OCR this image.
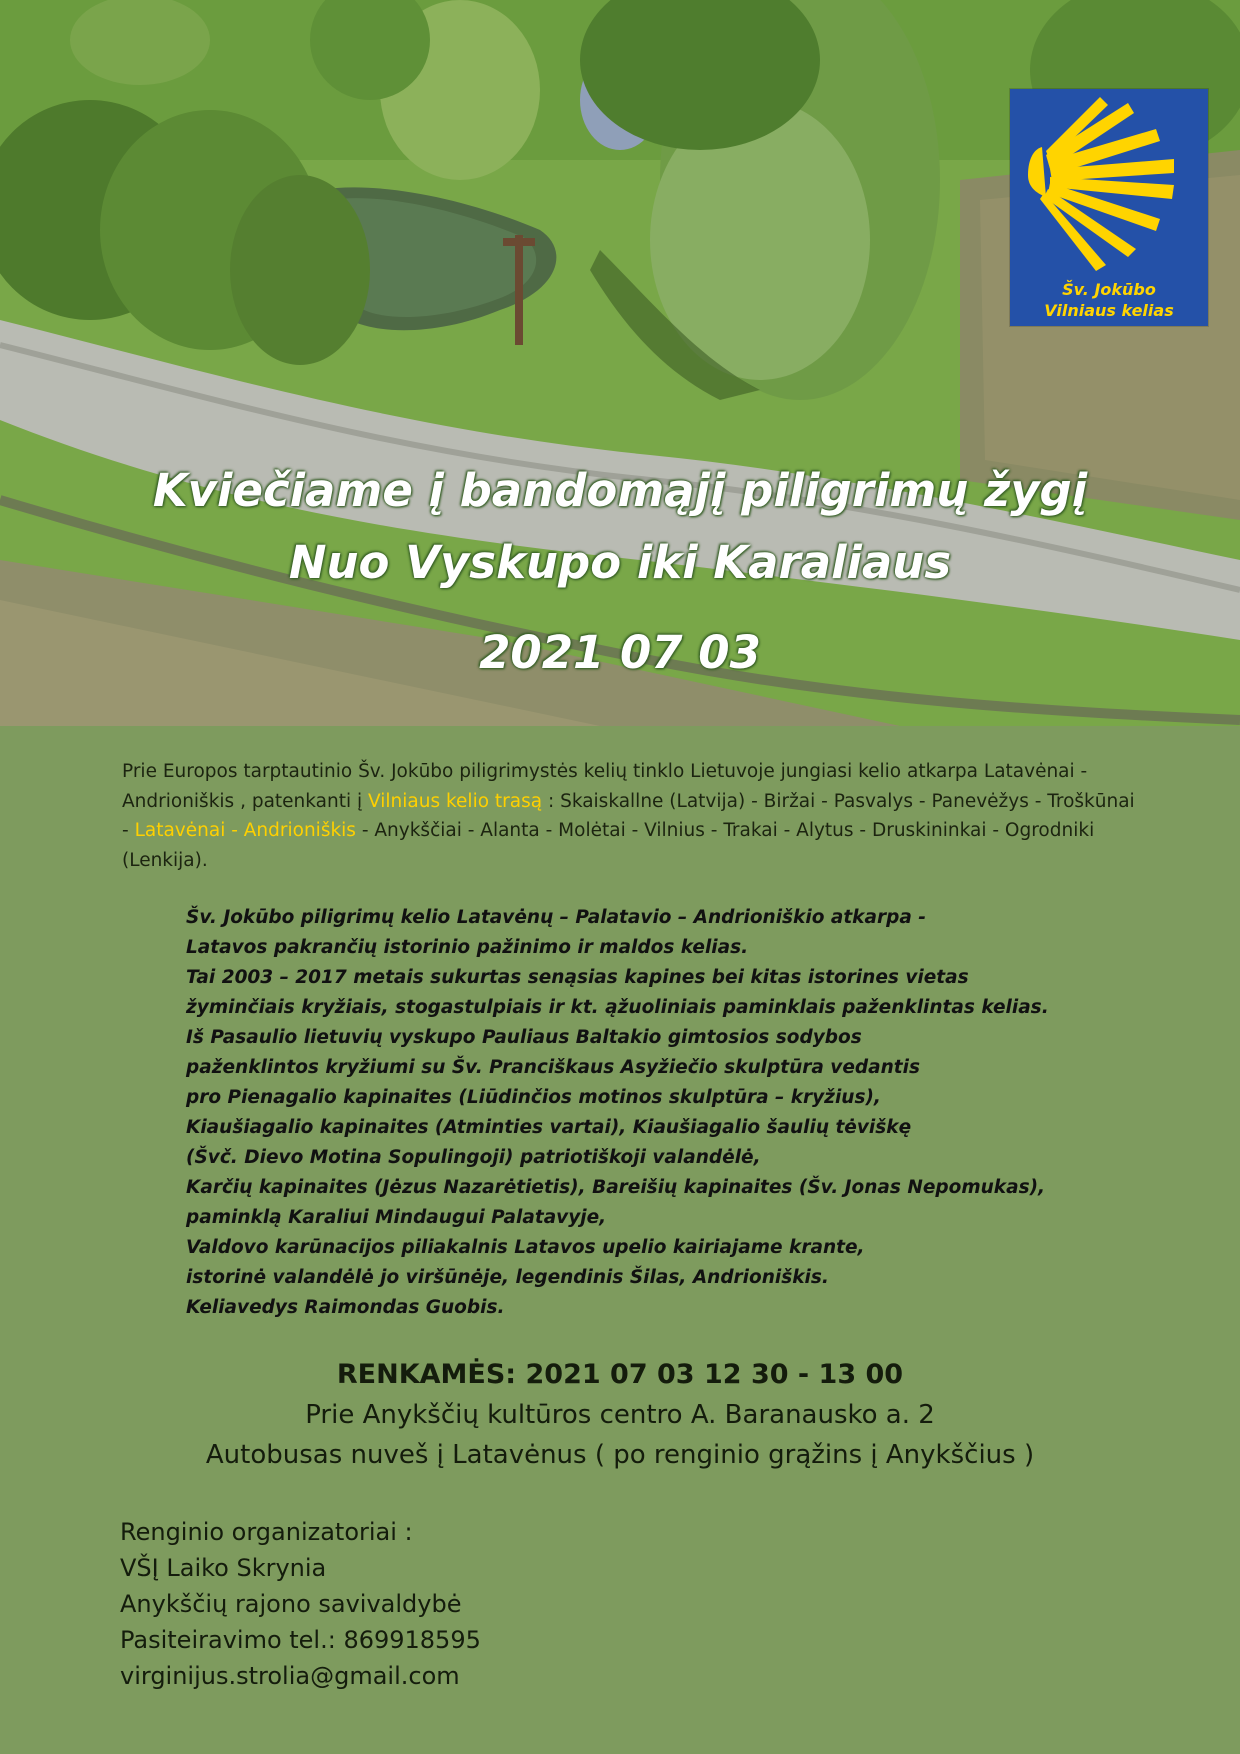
Šv. Jokūbo
Vilniaus kelias
Kviečiame į bandomąjį piligrimų žygį
Nuo Vyskupo iki Karaliaus
2021 07 03
Prie Europos tarptautinio Šv. Jokūbo piligrimystės kelių tinklo Lietuvoje jungiasi kelio atkarpa Latavėnai - Andrioniškis , patenkanti į Vilniaus kelio trasą : Skaiskallne (Latvija) - Biržai - Pasvalys - Panevėžys - Troškūnai - Latavėnai - Andrioniškis - Anykščiai - Alanta - Molėtai - Vilnius - Trakai - Alytus - Druskininkai - Ogrodniki (Lenkija).
Šv. Jokūbo piligrimų kelio Latavėnų – Palatavio – Andrioniškio atkarpa -
Latavos pakrančių istorinio pažinimo ir maldos kelias.
Tai 2003 – 2017 metais sukurtas senąsias kapines bei kitas istorines vietas
žyminčiais kryžiais, stogastulpiais ir kt. ąžuoliniais paminklais paženklintas kelias.
Iš Pasaulio lietuvių vyskupo Pauliaus Baltakio gimtosios sodybos
paženklintos kryžiumi su Šv. Pranciškaus Asyžiečio skulptūra vedantis
pro Pienagalio kapinaites (Liūdinčios motinos skulptūra – kryžius),
Kiaušiagalio kapinaites (Atminties vartai), Kiaušiagalio šaulių tėviškę
(Švč. Dievo Motina Sopulingoji) patriotiškoji valandėlė,
Karčių kapinaites (Jėzus Nazarėtietis), Bareišių kapinaites (Šv. Jonas Nepomukas),
paminklą Karaliui Mindaugui Palatavyje,
Valdovo karūnacijos piliakalnis Latavos upelio kairiajame krante,
istorinė valandėlė jo viršūnėje, legendinis Šilas, Andrioniškis.
Keliavedys Raimondas Guobis.
RENKAMĖS: 2021 07 03 12 30 - 13 00
Prie Anykščių kultūros centro A. Baranausko a. 2
Autobusas nuveš į Latavėnus ( po renginio grąžins į Anykščius )
Renginio organizatoriai :
VŠĮ Laiko Skrynia
Anykščių rajono savivaldybė
Pasiteiravimo tel.: 869918595
virginijus.strolia@gmail.com
